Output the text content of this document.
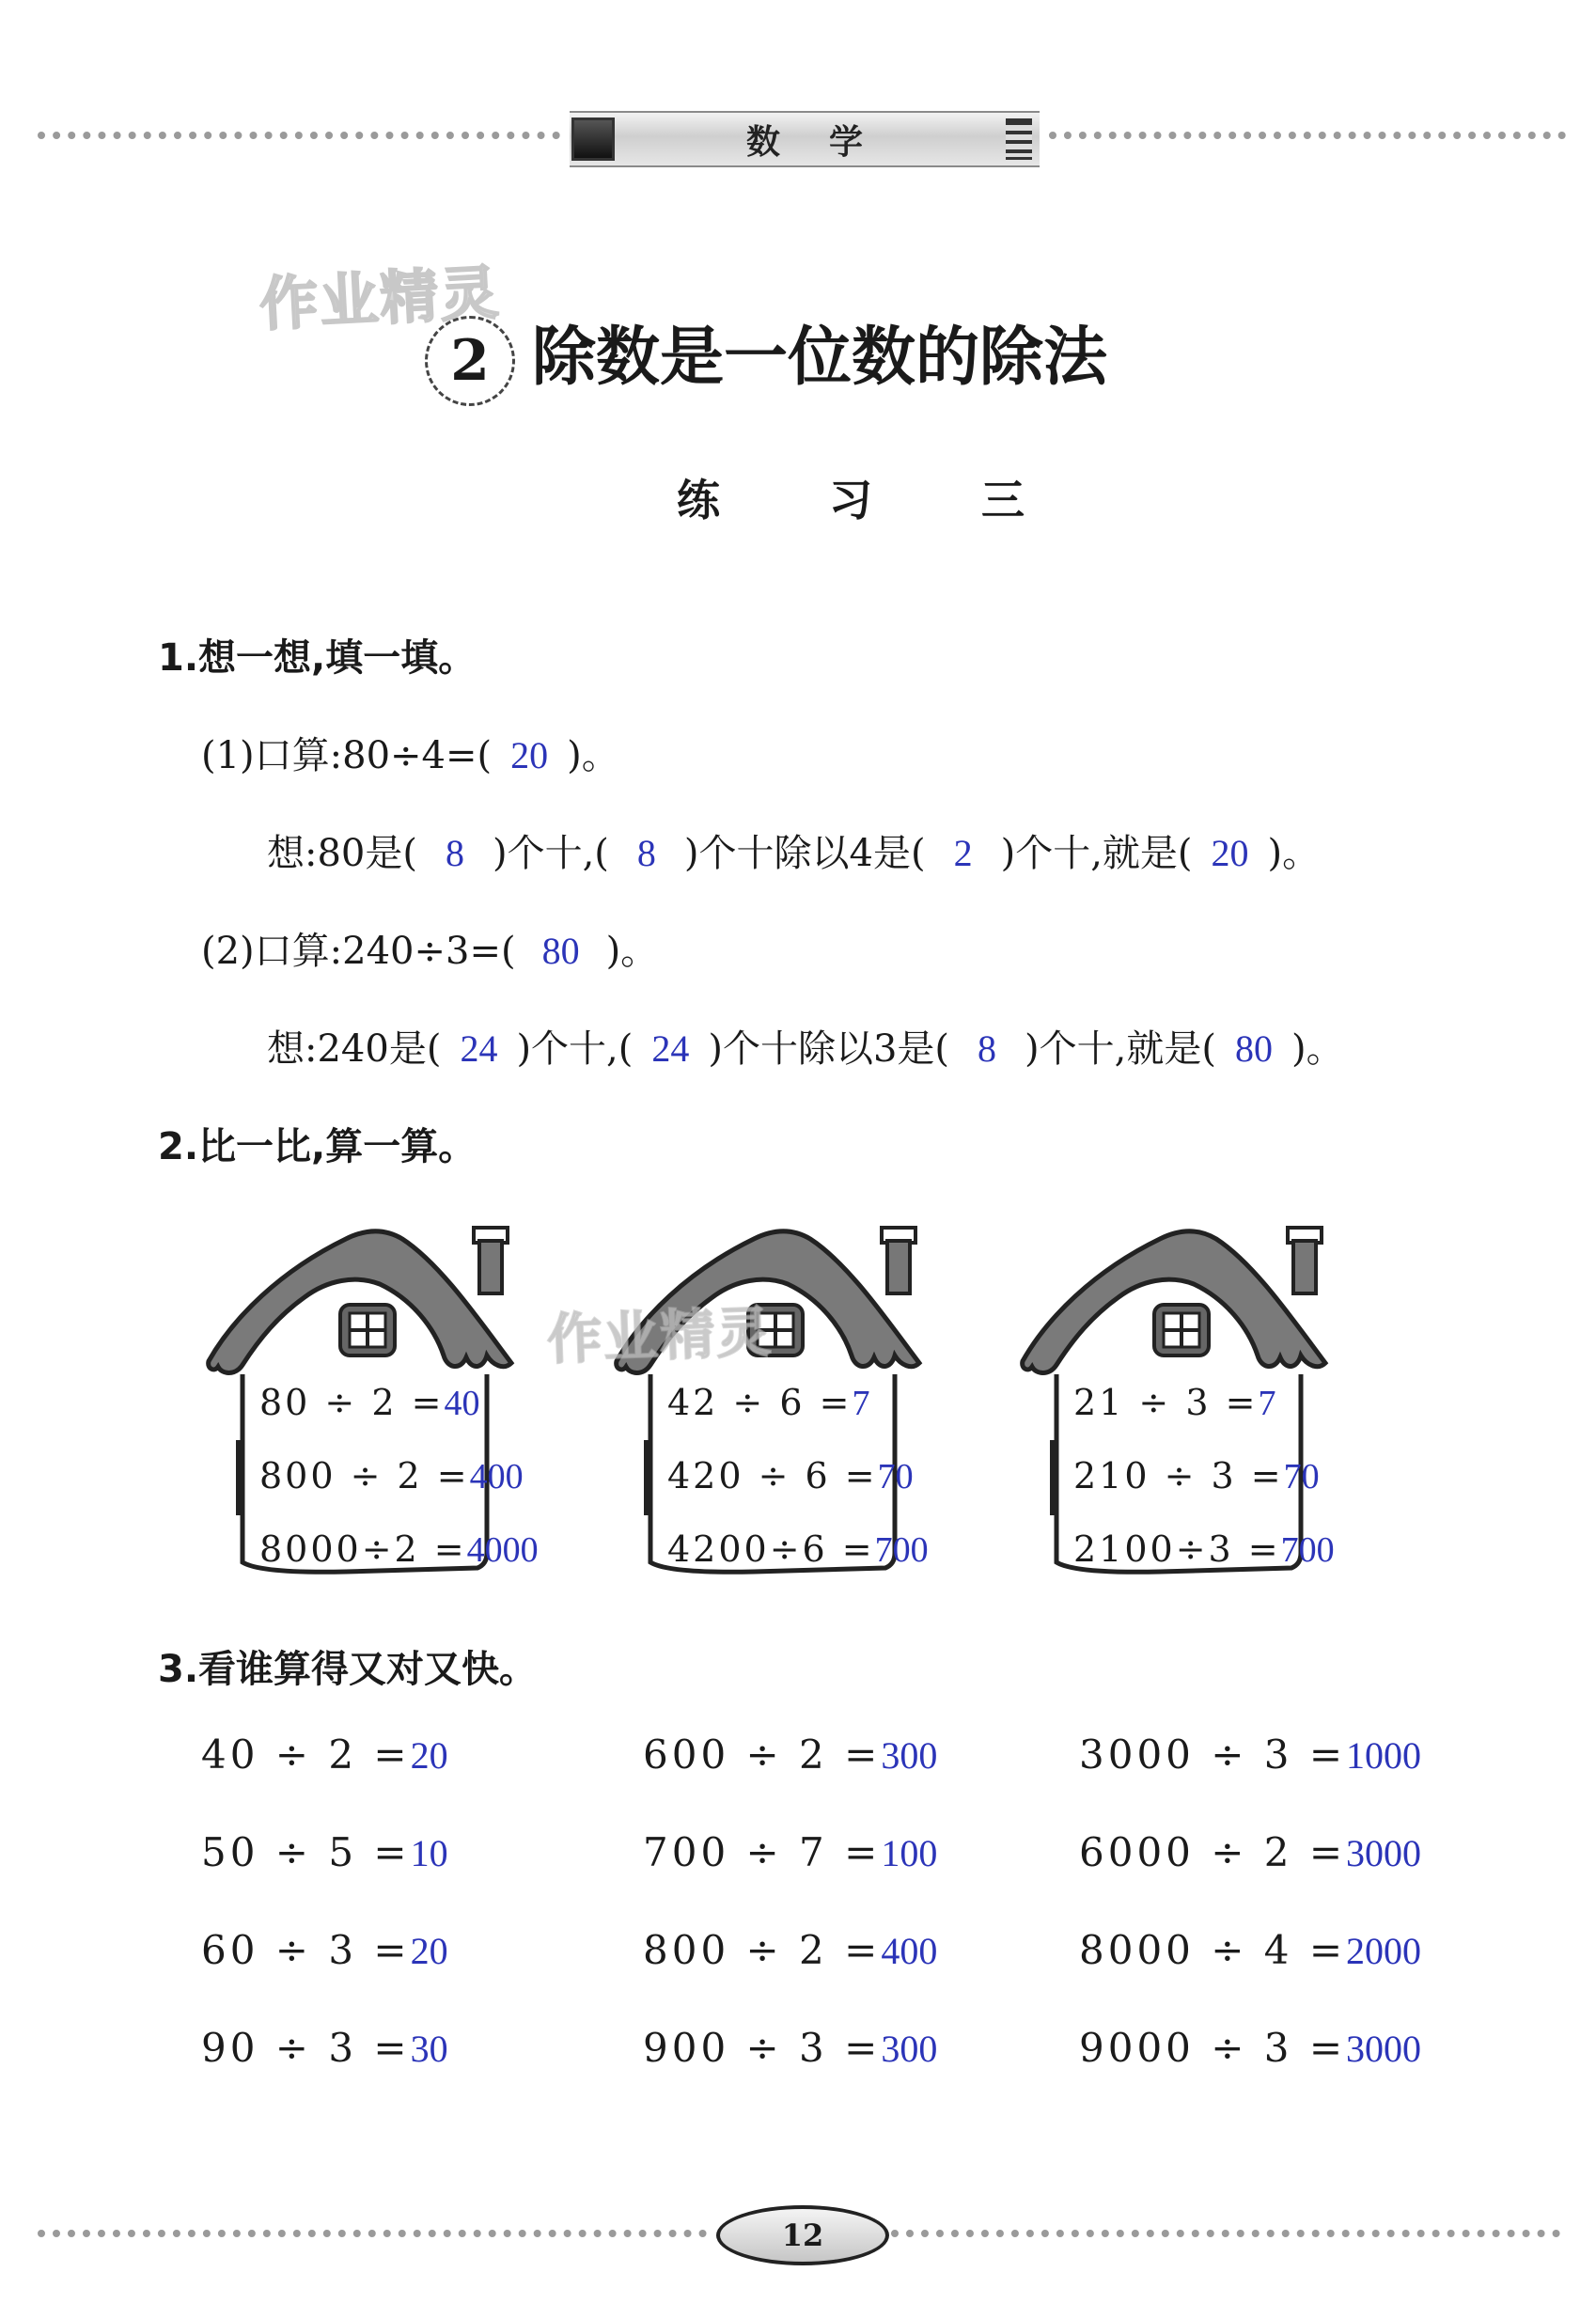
数学
作业精灵
2 除数是一位数的除法
练 习 三
1.想一想,填一填。
(1)口算:80÷4=( 20 )。
想:80是( 8 )个十,( 8 )个十除以4是( 2 )个十,就是( 20 )。
(2)口算:240÷3=( 80 )。
想:240是( 24 )个十,( 24 )个十除以3是( 8 )个十,就是( 80 )。
2.比一比,算一算。
80 ÷ 2 =40
800 ÷ 2 =400
8000÷2 =4000
42 ÷ 6 =7
420 ÷ 6 =70
4200÷6 =700
21 ÷ 3 =7
210 ÷ 3 =70
2100÷3 =700
作业精灵
3.看谁算得又对又快。
40 ÷ 2 =20	600 ÷ 2 =300	3000 ÷ 3 =1000
50 ÷ 5 =10	700 ÷ 7 =100	6000 ÷ 2 =3000
60 ÷ 3 =20	800 ÷ 2 =400	8000 ÷ 4 =2000
90 ÷ 3 =30	900 ÷ 3 =300	9000 ÷ 3 =3000
12
